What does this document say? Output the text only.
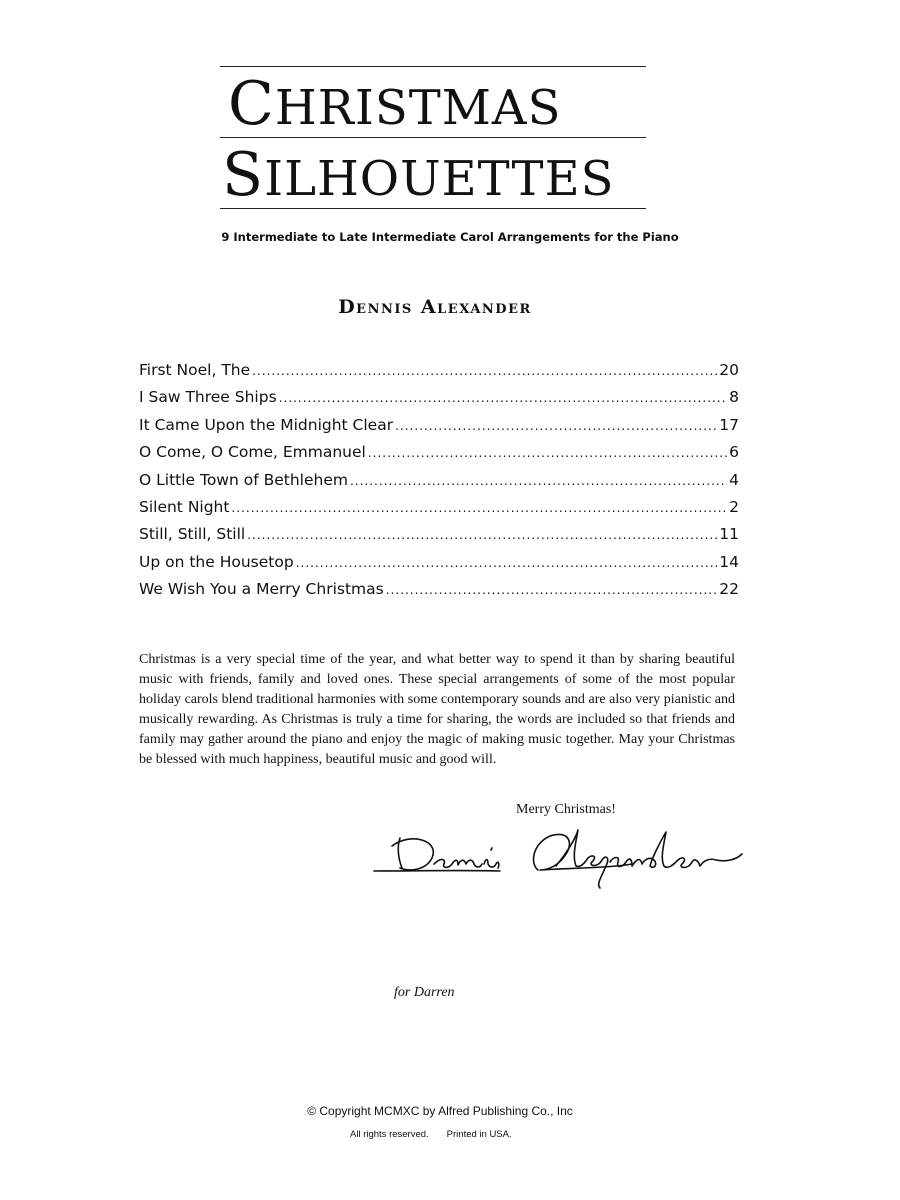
CHRISTMAS
SILHOUETTES
9 Intermediate to Late Intermediate Carol Arrangements for the Piano
Dennis Alexander
First Noel, The .....	20
I Saw Three Ships .....	8
It Came Upon the Midnight Clear .....	17
O Come, O Come, Emmanuel .....	6
O Little Town of Bethlehem .....	4
Silent Night .....	2
Still, Still, Still .....	11
Up on the Housetop .....	14
We Wish You a Merry Christmas .....	22

Christmas is a very special time of the year, and what better way to spend it than by sharing beautiful music with friends, family and loved ones. These special arrangements of some of the most popular holiday carols blend traditional harmonies with some contemporary sounds and are also very pianistic and musically rewarding. As Christmas is truly a time for sharing, the words are included so that friends and family may gather around the piano and enjoy the magic of making music together. May your Christmas be blessed with much happiness, beautiful music and good will.

Merry Christmas!
for Darren
© Copyright MCMXC by Alfred Publishing Co., Inc
All rights reserved. Printed in USA.
